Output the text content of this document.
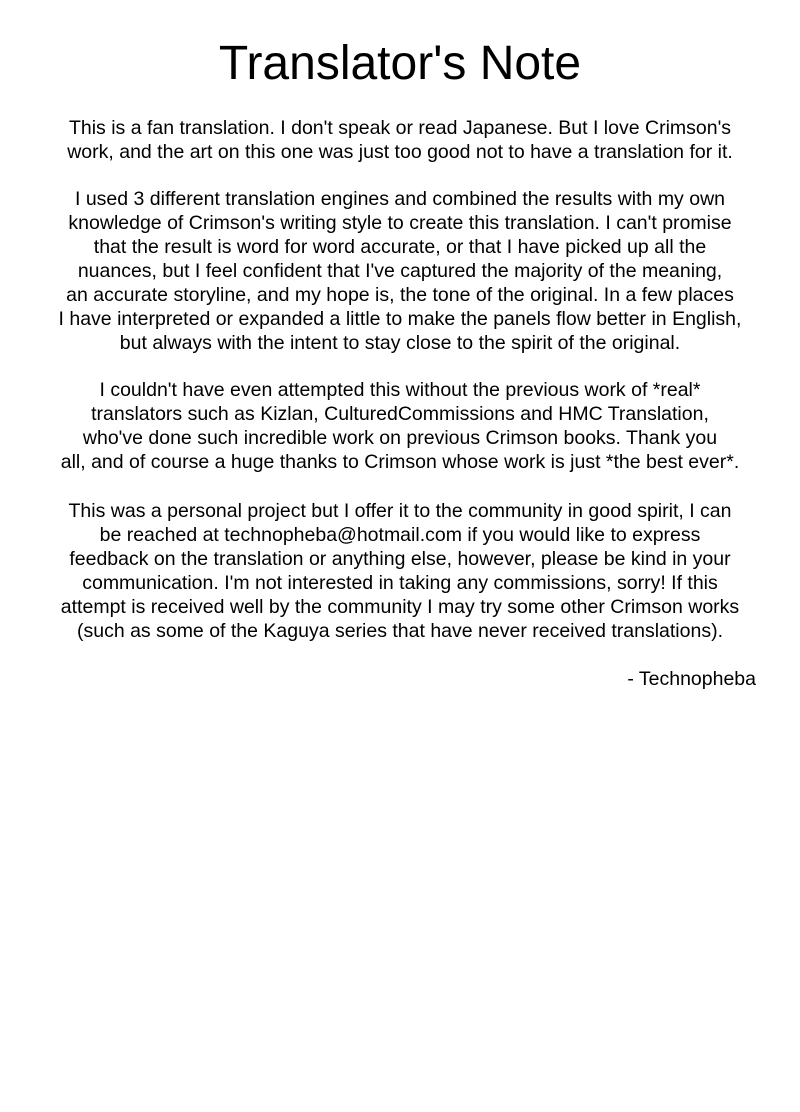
Translator's Note
This is a fan translation. I don't speak or read Japanese. But I love Crimson's
work, and the art on this one was just too good not to have a translation for it.
I used 3 different translation engines and combined the results with my own
knowledge of Crimson's writing style to create this translation. I can't promise
that the result is word for word accurate, or that I have picked up all the
nuances, but I feel confident that I've captured the majority of the meaning,
an accurate storyline, and my hope is, the tone of the original. In a few places
I have interpreted or expanded a little to make the panels flow better in English,
but always with the intent to stay close to the spirit of the original.
I couldn't have even attempted this without the previous work of *real*
translators such as Kizlan, CulturedCommissions and HMC Translation,
who've done such incredible work on previous Crimson books. Thank you
all, and of course a huge thanks to Crimson whose work is just *the best ever*.
This was a personal project but I offer it to the community in good spirit, I can
be reached at technopheba@hotmail.com if you would like to express
feedback on the translation or anything else, however, please be kind in your
communication. I'm not interested in taking any commissions, sorry! If this
attempt is received well by the community I may try some other Crimson works
(such as some of the Kaguya series that have never received translations).
- Technopheba
